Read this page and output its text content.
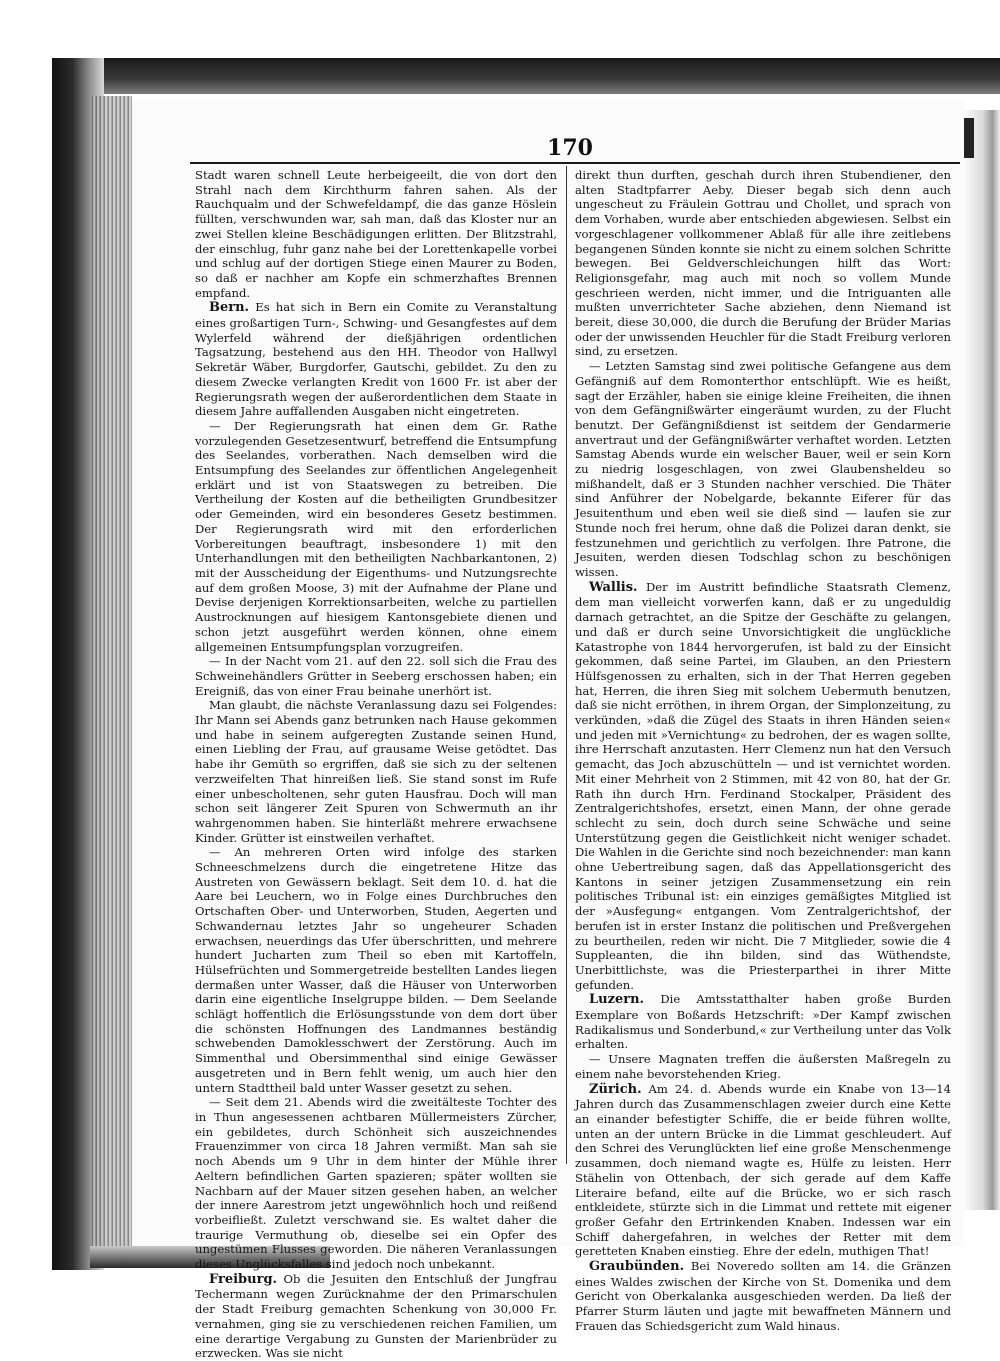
170

Stadt waren schnell Leute herbeigeeilt, die von dort den Strahl nach dem Kirchthurm fahren sahen. Als der Rauchqualm und der Schwefeldampf, die das ganze Höslein füllten, verschwunden war, sah man, daß das Kloster nur an zwei Stellen kleine Beschädigungen erlitten. Der Blitzstrahl, der einschlug, fuhr ganz nahe bei der Lorettenkapelle vorbei und schlug auf der dortigen Stiege einen Maurer zu Boden, so daß er nachher am Kopfe ein schmerzhaftes Brennen empfand.

Bern. Es hat sich in Bern ein Comite zu Veranstaltung eines großartigen Turn-, Schwing- und Gesangfestes auf dem Wylerfeld während der dießjährigen ordentlichen Tagsatzung, bestehend aus den HH. Theodor von Hallwyl Sekretär Wäber, Burgdorfer, Gautschi, gebildet. Zu den zu diesem Zwecke verlangten Kredit von 1600 Fr. ist aber der Regierungsrath wegen der außerordentlichen dem Staate in diesem Jahre auffallenden Ausgaben nicht eingetreten.

— Der Regierungsrath hat einen dem Gr. Rathe vorzulegenden Gesetzesentwurf, betreffend die Entsumpfung des Seelandes, vorberathen. Nach demselben wird die Entsumpfung des Seelandes zur öffentlichen Angelegenheit erklärt und ist von Staatswegen zu betreiben. Die Vertheilung der Kosten auf die betheiligten Grundbesitzer oder Gemeinden, wird ein besonderes Gesetz bestimmen. Der Regierungsrath wird mit den erforderlichen Vorbereitungen beauftragt, insbesondere 1) mit den Unterhandlungen mit den betheiligten Nachbarkantonen, 2) mit der Ausscheidung der Eigenthums- und Nutzungsrechte auf dem großen Moose, 3) mit der Aufnahme der Plane und Devise derjenigen Korrektionsarbeiten, welche zu partiellen Austrocknungen auf hiesigem Kantonsgebiete dienen und schon jetzt ausgeführt werden können, ohne einem allgemeinen Entsumpfungsplan vorzugreifen.

— In der Nacht vom 21. auf den 22. soll sich die Frau des Schweinehändlers Grütter in Seeberg erschossen haben; ein Ereigniß, das von einer Frau beinahe unerhört ist.

Man glaubt, die nächste Veranlassung dazu sei Folgendes: Ihr Mann sei Abends ganz betrunken nach Hause gekommen und habe in seinem aufgeregten Zustande seinen Hund, einen Liebling der Frau, auf grausame Weise getödtet. Das habe ihr Gemüth so ergriffen, daß sie sich zu der seltenen verzweifelten That hinreißen ließ. Sie stand sonst im Rufe einer unbescholtenen, sehr guten Hausfrau. Doch will man schon seit längerer Zeit Spuren von Schwermuth an ihr wahrgenommen haben. Sie hinterläßt mehrere erwachsene Kinder. Grütter ist einstweilen verhaftet.

— An mehreren Orten wird infolge des starken Schneeschmelzens durch die eingetretene Hitze das Austreten von Gewässern beklagt. Seit dem 10. d. hat die Aare bei Leuchern, wo in Folge eines Durchbruches den Ortschaften Ober- und Unterworben, Studen, Aegerten und Schwandernau letztes Jahr so ungeheurer Schaden erwachsen, neuerdings das Ufer überschritten, und mehrere hundert Jucharten zum Theil so eben mit Kartoffeln, Hülsefrüchten und Sommergetreide bestellten Landes liegen dermaßen unter Wasser, daß die Häuser von Unterworben darin eine eigentliche Inselgruppe bilden. — Dem Seelande schlägt hoffentlich die Erlösungsstunde von dem dort über die schönsten Hoffnungen des Landmannes beständig schwebenden Damoklesschwert der Zerstörung. Auch im Simmenthal und Obersimmenthal sind einige Gewässer ausgetreten und in Bern fehlt wenig, um auch hier den untern Stadttheil bald unter Wasser gesetzt zu sehen.

— Seit dem 21. Abends wird die zweitälteste Tochter des in Thun angesessenen achtbaren Müllermeisters Zürcher, ein gebildetes, durch Schönheit sich auszeichnendes Frauenzimmer von circa 18 Jahren vermißt. Man sah sie noch Abends um 9 Uhr in dem hinter der Mühle ihrer Aeltern befindlichen Garten spazieren; später wollten sie Nachbarn auf der Mauer sitzen gesehen haben, an welcher der innere Aarestrom jetzt ungewöhnlich hoch und reißend vorbeifließt. Zuletzt verschwand sie. Es waltet daher die traurige Vermuthung ob, dieselbe sei ein Opfer des ungestümen Flusses geworden. Die näheren Veranlassungen dieses Unglücksfalles sind jedoch noch unbekannt.

Freiburg. Ob die Jesuiten den Entschluß der Jungfrau Techermann wegen Zurücknahme der den Primarschulen der Stadt Freiburg gemachten Schenkung von 30,000 Fr. vernahmen, ging sie zu verschiedenen reichen Familien, um eine derartige Vergabung zu Gunsten der Marienbrüder zu erzwecken. Was sie nicht

direkt thun durften, geschah durch ihren Stubendiener, den alten Stadtpfarrer Aeby. Dieser begab sich denn auch ungescheut zu Fräulein Gottrau und Chollet, und sprach von dem Vorhaben, wurde aber entschieden abgewiesen. Selbst ein vorgeschlagener vollkommener Ablaß für alle ihre zeitlebens begangenen Sünden konnte sie nicht zu einem solchen Schritte bewegen. Bei Geldverschleichungen hilft das Wort: Religionsgefahr, mag auch mit noch so vollem Munde geschrieen werden, nicht immer, und die Intriguanten alle mußten unverrichteter Sache abziehen, denn Niemand ist bereit, diese 30,000, die durch die Berufung der Brüder Marias oder der unwissenden Heuchler für die Stadt Freiburg verloren sind, zu ersetzen.

— Letzten Samstag sind zwei politische Gefangene aus dem Gefängniß auf dem Romonterthor entschlüpft. Wie es heißt, sagt der Erzähler, haben sie einige kleine Freiheiten, die ihnen von dem Gefängnißwärter eingeräumt wurden, zu der Flucht benutzt. Der Gefängnißdienst ist seitdem der Gendarmerie anvertraut und der Gefängnißwärter verhaftet worden. Letzten Samstag Abends wurde ein welscher Bauer, weil er sein Korn zu niedrig losgeschlagen, von zwei Glaubensheldeu so mißhandelt, daß er 3 Stunden nachher verschied. Die Thäter sind Anführer der Nobelgarde, bekannte Eiferer für das Jesuitenthum und eben weil sie dieß sind — laufen sie zur Stunde noch frei herum, ohne daß die Polizei daran denkt, sie festzunehmen und gerichtlich zu verfolgen. Ihre Patrone, die Jesuiten, werden diesen Todschlag schon zu beschönigen wissen.

Wallis. Der im Austritt befindliche Staatsrath Clemenz, dem man vielleicht vorwerfen kann, daß er zu ungeduldig darnach getrachtet, an die Spitze der Geschäfte zu gelangen, und daß er durch seine Unvorsichtigkeit die unglückliche Katastrophe von 1844 hervorgerufen, ist bald zu der Einsicht gekommen, daß seine Partei, im Glauben, an den Priestern Hülfsgenossen zu erhalten, sich in der That Herren gegeben hat, Herren, die ihren Sieg mit solchem Uebermuth benutzen, daß sie nicht erröthen, in ihrem Organ, der Simplonzeitung, zu verkünden, »daß die Zügel des Staats in ihren Händen seien« und jeden mit »Vernichtung« zu bedrohen, der es wagen sollte, ihre Herrschaft anzutasten. Herr Clemenz nun hat den Versuch gemacht, das Joch abzuschütteln — und ist vernichtet worden. Mit einer Mehrheit von 2 Stimmen, mit 42 von 80, hat der Gr. Rath ihn durch Hrn. Ferdinand Stockalper, Präsident des Zentralgerichtshofes, ersetzt, einen Mann, der ohne gerade schlecht zu sein, doch durch seine Schwäche und seine Unterstützung gegen die Geistlichkeit nicht weniger schadet. Die Wahlen in die Gerichte sind noch bezeichnender: man kann ohne Uebertreibung sagen, daß das Appellationsgericht des Kantons in seiner jetzigen Zusammensetzung ein rein politisches Tribunal ist: ein einziges gemäßigtes Mitglied ist der »Ausfegung« entgangen. Vom Zentralgerichtshof, der berufen ist in erster Instanz die politischen und Preßvergehen zu beurtheilen, reden wir nicht. Die 7 Mitglieder, sowie die 4 Suppleanten, die ihn bilden, sind das Wüthendste, Unerbittlichste, was die Priesterparthei in ihrer Mitte gefunden.

Luzern. Die Amtsstatthalter haben große Burden Exemplare von Boßards Hetzschrift: »Der Kampf zwischen Radikalismus und Sonderbund,« zur Vertheilung unter das Volk erhalten.

— Unsere Magnaten treffen die äußersten Maßregeln zu einem nahe bevorstehenden Krieg.

Zürich. Am 24. d. Abends wurde ein Knabe von 13—14 Jahren durch das Zusammenschlagen zweier durch eine Kette an einander befestigter Schiffe, die er beide führen wollte, unten an der untern Brücke in die Limmat geschleudert. Auf den Schrei des Verunglückten lief eine große Menschenmenge zusammen, doch niemand wagte es, Hülfe zu leisten. Herr Stähelin von Ottenbach, der sich gerade auf dem Kaffe Literaire befand, eilte auf die Brücke, wo er sich rasch entkleidete, stürzte sich in die Limmat und rettete mit eigener großer Gefahr den Ertrinkenden Knaben. Indessen war ein Schiff dahergefahren, in welches der Retter mit dem geretteten Knaben einstieg. Ehre der edeln, muthigen That!

Graubünden. Bei Noveredo sollten am 14. die Gränzen eines Waldes zwischen der Kirche von St. Domenika und dem Gericht von Oberkalanka ausgeschieden werden. Da ließ der Pfarrer Sturm läuten und jagte mit bewaffneten Männern und Frauen das Schiedsgericht zum Wald hinaus.
